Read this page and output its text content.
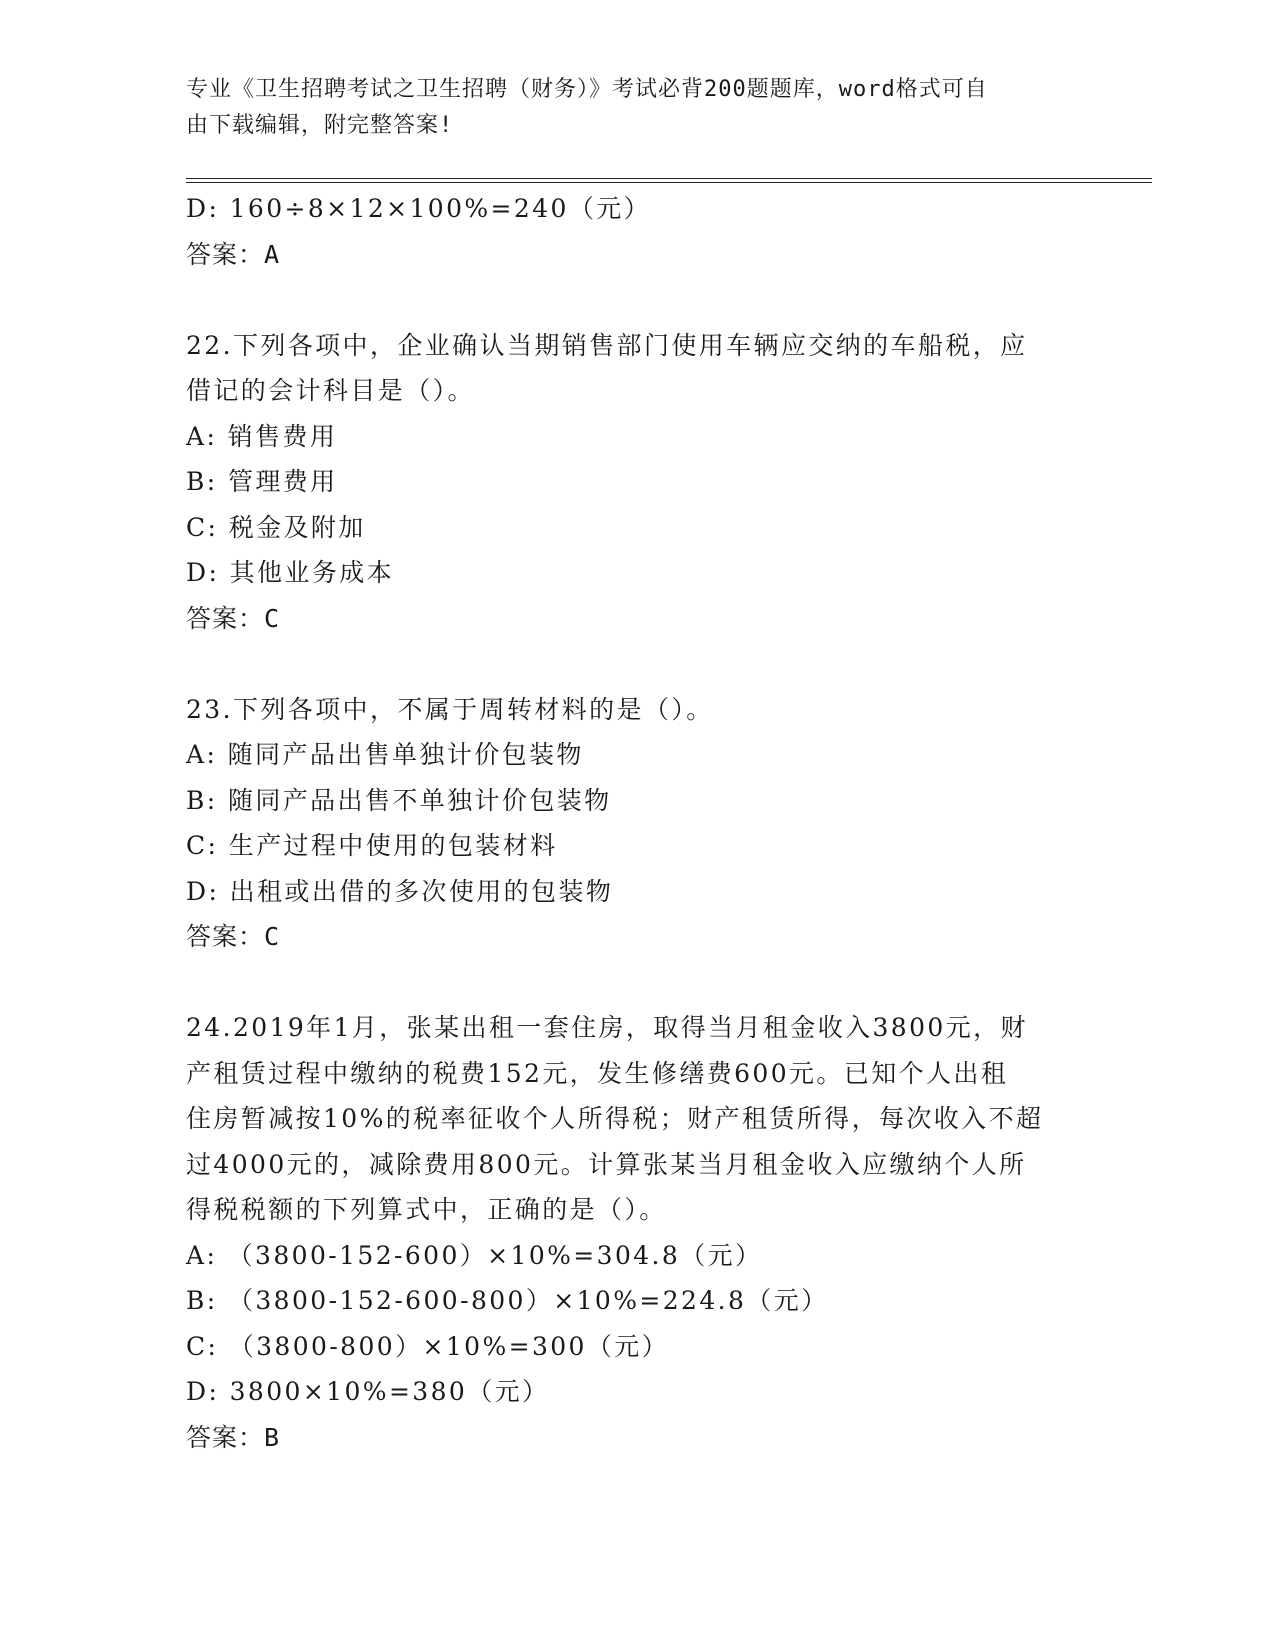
专业《卫生招聘考试之卫生招聘（财务）》考试必背200题题库，word格式可自
由下载编辑，附完整答案!
D: 160÷8×12×100%=240（元）
答案：A
22.下列各项中，企业确认当期销售部门使用车辆应交纳的车船税，应
借记的会计科目是（）。
A: 销售费用
B: 管理费用
C: 税金及附加
D: 其他业务成本
答案：C
23.下列各项中，不属于周转材料的是（）。
A: 随同产品出售单独计价包装物
B: 随同产品出售不单独计价包装物
C: 生产过程中使用的包装材料
D: 出租或出借的多次使用的包装物
答案：C
24.2019年1月，张某出租一套住房，取得当月租金收入3800元，财
产租赁过程中缴纳的税费152元，发生修缮费600元。已知个人出租
住房暂减按10%的税率征收个人所得税；财产租赁所得，每次收入不超
过4000元的，减除费用800元。计算张某当月租金收入应缴纳个人所
得税税额的下列算式中，正确的是（）。
A: （3800-152-600）×10%=304.8（元）
B: （3800-152-600-800）×10%=224.8（元）
C: （3800-800）×10%=300（元）
D: 3800×10%=380（元）
答案：B
